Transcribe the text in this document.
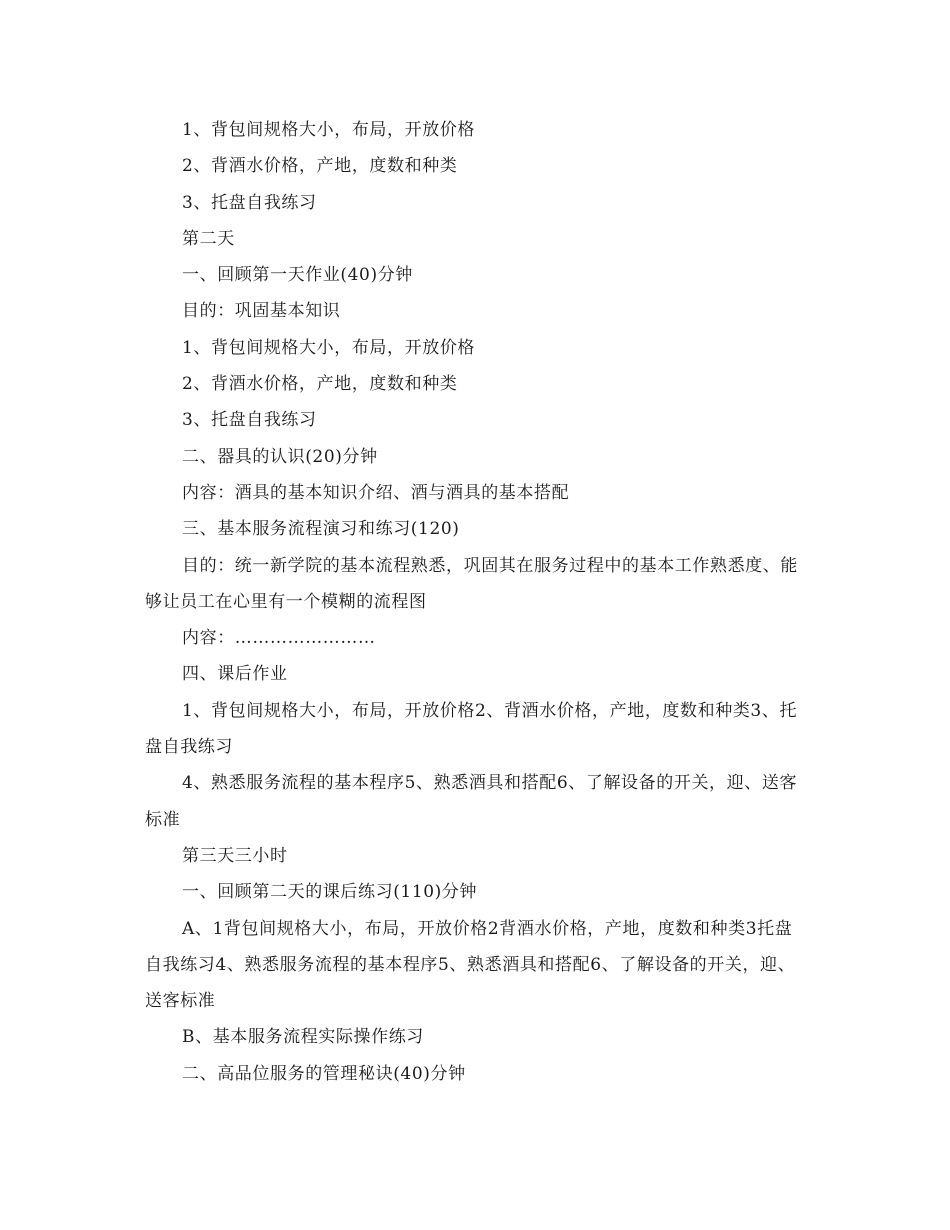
1、背包间规格大小，布局，开放价格

2、背酒水价格，产地，度数和种类

3、托盘自我练习

第二天

一、回顾第一天作业(40)分钟

目的：巩固基本知识

1、背包间规格大小，布局，开放价格

2、背酒水价格，产地，度数和种类

3、托盘自我练习

二、器具的认识(20)分钟

内容：酒具的基本知识介绍、酒与酒具的基本搭配

三、基本服务流程演习和练习(120)

目的：统一新学院的基本流程熟悉，巩固其在服务过程中的基本工作熟悉度、能够让员工在心里有一个模糊的流程图

内容：……………………

四、课后作业

1、背包间规格大小，布局，开放价格2、背酒水价格，产地，度数和种类3、托盘自我练习

4、熟悉服务流程的基本程序5、熟悉酒具和搭配6、了解设备的开关，迎、送客标准

第三天三小时

一、回顾第二天的课后练习(110)分钟

A、1背包间规格大小，布局，开放价格2背酒水价格，产地，度数和种类3托盘自我练习4、熟悉服务流程的基本程序5、熟悉酒具和搭配6、了解设备的开关，迎、送客标准

B、基本服务流程实际操作练习

二、高品位服务的管理秘诀(40)分钟
